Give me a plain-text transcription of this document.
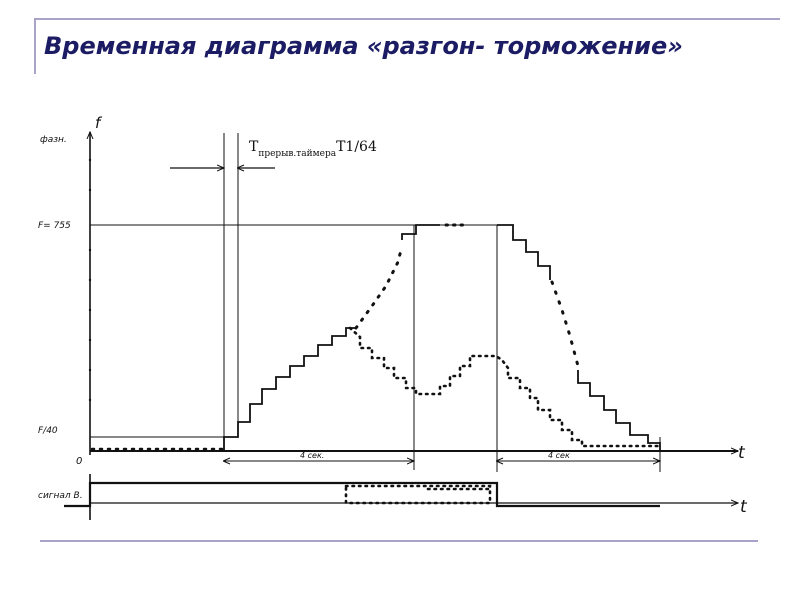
Временная диаграмма «разгон- торможение»
f
фазн.
t
0
F= 755
F/40
$T_{прерыв.таймера}T1/64$
4 сек.	4 сек
сигнал В.
t
